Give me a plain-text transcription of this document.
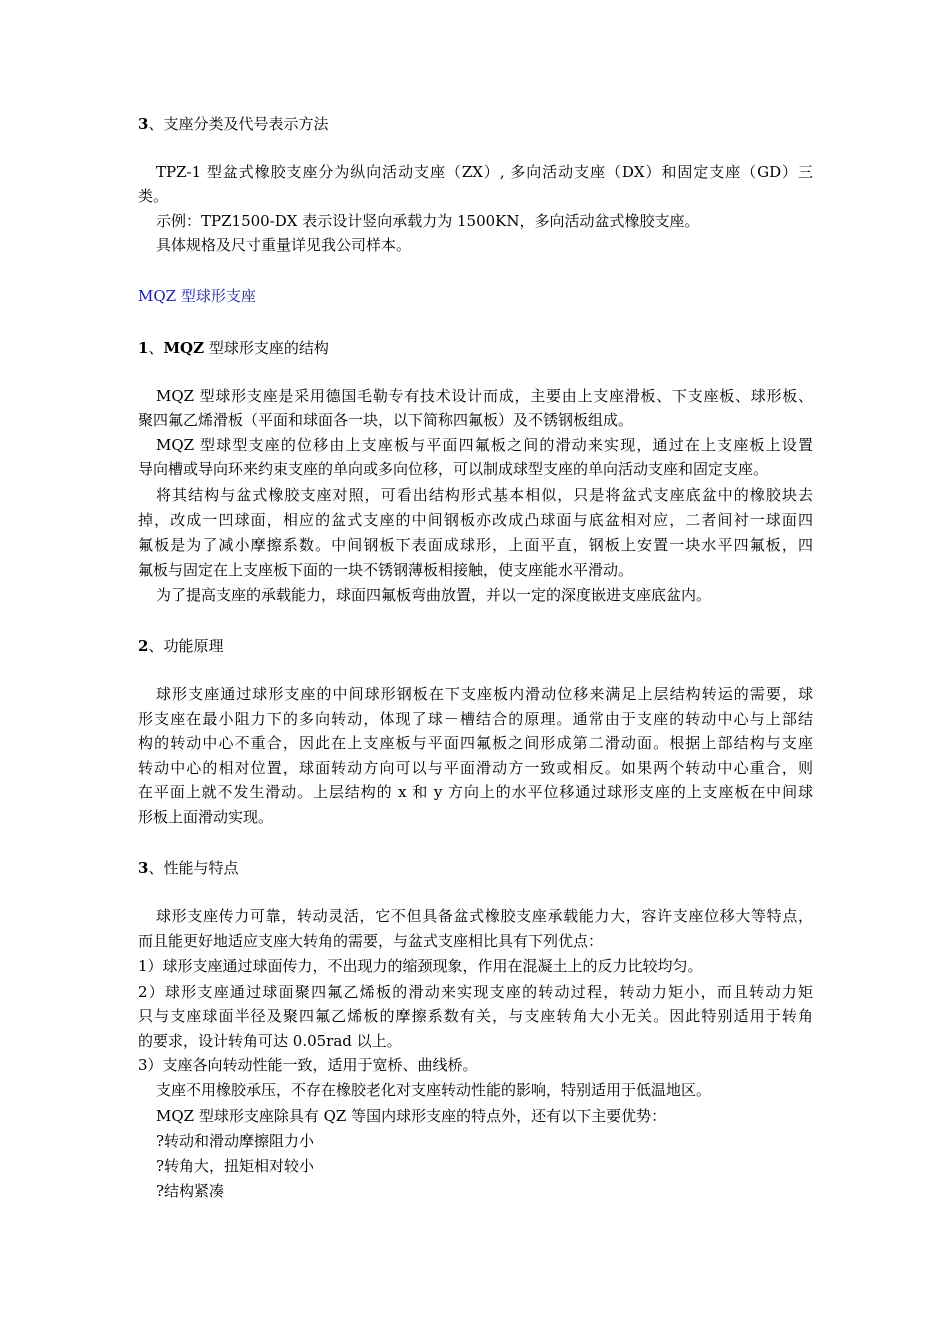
3、支座分类及代号表示方法

TPZ-1 型盆式橡胶支座分为纵向活动支座（ZX）, 多向活动支座（DX）和固定支座（GD）三

类。

示例：TPZ1500-DX 表示设计竖向承载力为 1500KN，多向活动盆式橡胶支座。

具体规格及尺寸重量详见我公司样本。

MQZ 型球形支座

1、MQZ 型球形支座的结构

MQZ 型球形支座是采用德国毛勒专有技术设计而成，主要由上支座滑板、下支座板、球形板、

聚四氟乙烯滑板（平面和球面各一块，以下简称四氟板）及不锈钢板组成。

MQZ 型球型支座的位移由上支座板与平面四氟板之间的滑动来实现，通过在上支座板上设置

导向槽或导向环来约束支座的单向或多向位移，可以制成球型支座的单向活动支座和固定支座。

将其结构与盆式橡胶支座对照，可看出结构形式基本相似，只是将盆式支座底盆中的橡胶块去

掉，改成一凹球面，相应的盆式支座的中间钢板亦改成凸球面与底盆相对应，二者间衬一球面四

氟板是为了减小摩擦系数。中间钢板下表面成球形，上面平直，钢板上安置一块水平四氟板，四

氟板与固定在上支座板下面的一块不锈钢薄板相接触，使支座能水平滑动。

为了提高支座的承载能力，球面四氟板弯曲放置，并以一定的深度嵌进支座底盆内。

2、功能原理

球形支座通过球形支座的中间球形钢板在下支座板内滑动位移来满足上层结构转运的需要，球

形支座在最小阻力下的多向转动，体现了球－槽结合的原理。通常由于支座的转动中心与上部结

构的转动中心不重合，因此在上支座板与平面四氟板之间形成第二滑动面。根据上部结构与支座

转动中心的相对位置，球面转动方向可以与平面滑动方一致或相反。如果两个转动中心重合，则

在平面上就不发生滑动。上层结构的 x 和 y 方向上的水平位移通过球形支座的上支座板在中间球

形板上面滑动实现。

3、性能与特点

球形支座传力可靠，转动灵活，它不但具备盆式橡胶支座承载能力大，容许支座位移大等特点，

而且能更好地适应支座大转角的需要，与盆式支座相比具有下列优点：

1）球形支座通过球面传力，不出现力的缩颈现象，作用在混凝土上的反力比较均匀。

2）球形支座通过球面聚四氟乙烯板的滑动来实现支座的转动过程，转动力矩小，而且转动力矩

只与支座球面半径及聚四氟乙烯板的摩擦系数有关，与支座转角大小无关。因此特别适用于转角

的要求，设计转角可达 0.05rad 以上。

3）支座各向转动性能一致，适用于宽桥、曲线桥。

支座不用橡胶承压，不存在橡胶老化对支座转动性能的影响，特别适用于低温地区。

MQZ 型球形支座除具有 QZ 等国内球形支座的特点外，还有以下主要优势：

?转动和滑动摩擦阻力小

?转角大，扭矩相对较小

?结构紧凑
